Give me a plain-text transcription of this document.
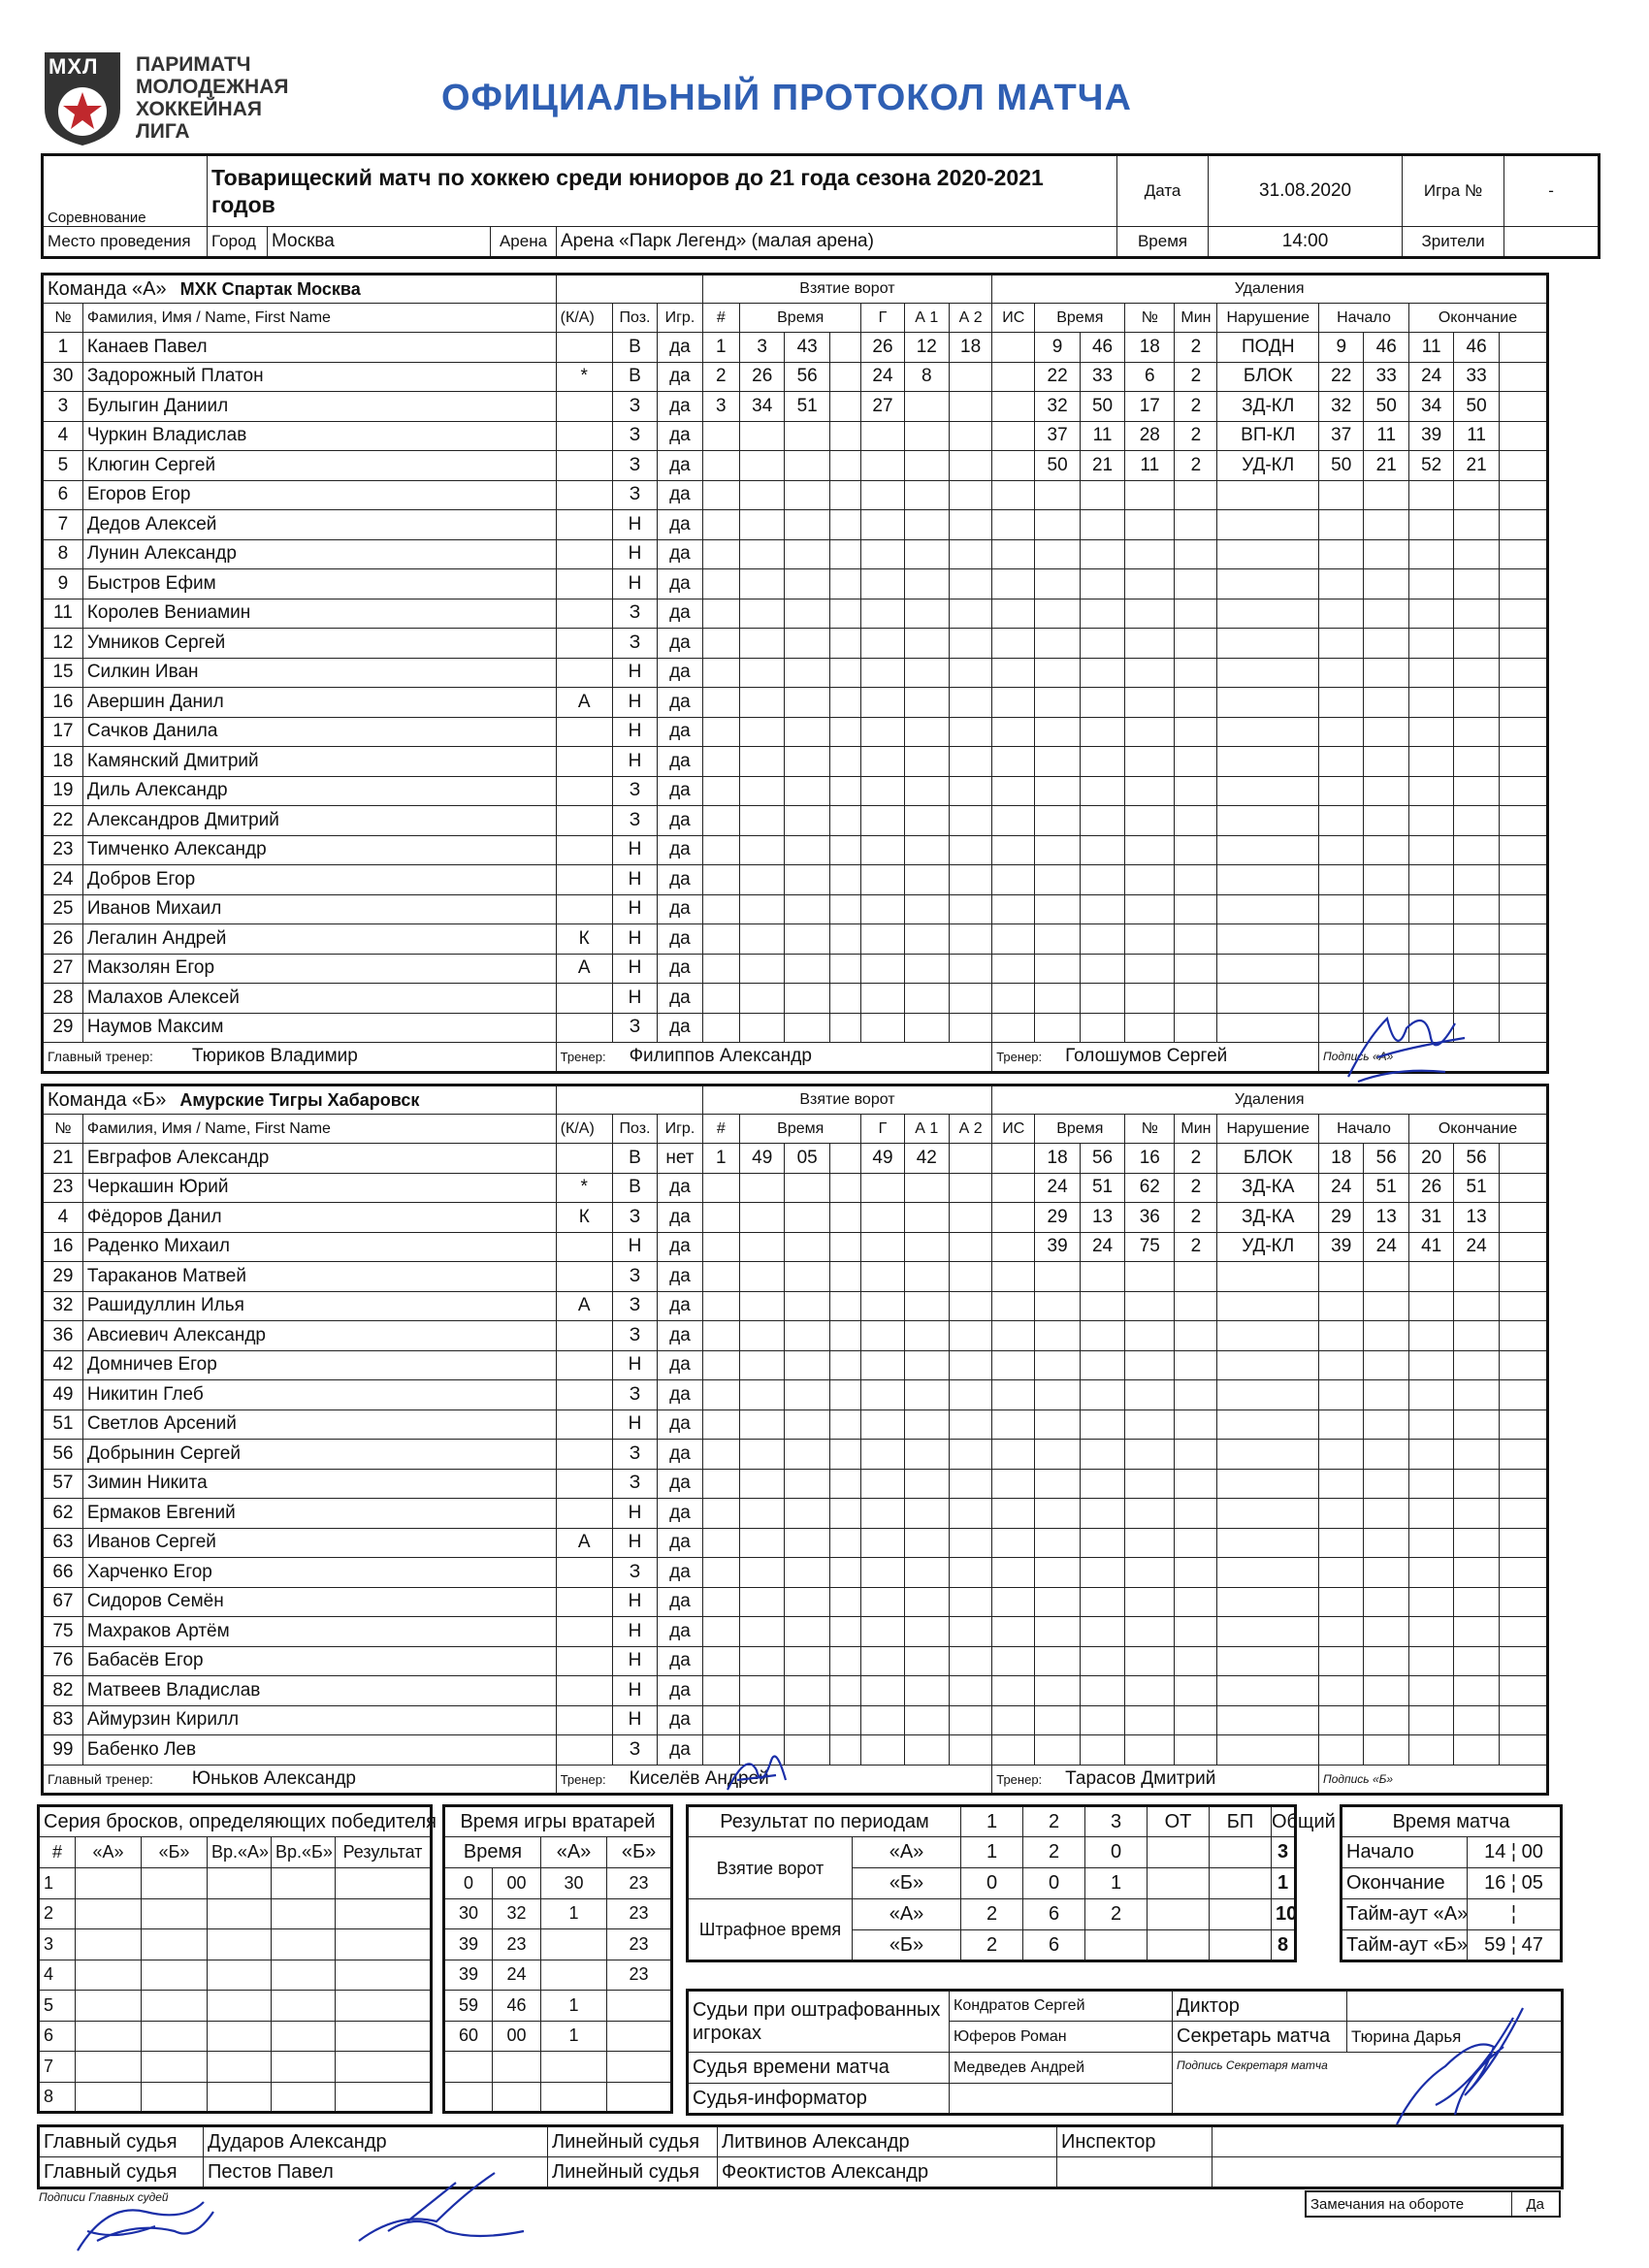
МХЛ ПАРИМАТЧ
МОЛОДЕЖНАЯ
ХОККЕЙНАЯ
ЛИГА
ОФИЦИАЛЬНЫЙ ПРОТОКОЛ МАТЧА
Соревнование	Товарищеский матч по хоккею среди юниоров до 21 года сезона 2020-2021 годов				Дата	31.08.2020	Игра №	-
Место проведения	Город	Москва	Арена	Арена «Парк Легенд» (малая арена)	Время	14:00	Зрители	
Команда «А» МХК Спартак Москва					Взятие ворот							Удаления										
№	Фамилия, Имя / Name, First Name	(К/А)	Поз.	Игр.	#	Время			Г	А 1	А 2	ИС	Время		№	Мин	Нарушение	Начало		Окончание		
1	Канаев Павел		В	да	1	3	43		26	12	18		9	46	18	2	ПОДН	9	46	11	46	
30	Задорожный Платон	*	В	да	2	26	56		24	8			22	33	6	2	БЛОК	22	33	24	33	
3	Булыгин Даниил		З	да	3	34	51		27				32	50	17	2	ЗД-КЛ	32	50	34	50	
4	Чуркин Владислав		З	да									37	11	28	2	ВП-КЛ	37	11	39	11	
5	Клюгин Сергей		З	да									50	21	11	2	УД-КЛ	50	21	52	21	
6	Егоров Егор		З	да																		
7	Дедов Алексей		Н	да																		
8	Лунин Александр		Н	да																		
9	Быстров Ефим		Н	да																		
11	Королев Вениамин		З	да																		
12	Умников Сергей		З	да																		
15	Силкин Иван		Н	да																		
16	Авершин Данил	А	Н	да																		
17	Сачков Данила		Н	да																		
18	Камянский Дмитрий		Н	да																		
19	Диль Александр		З	да																		
22	Александров Дмитрий		З	да																		
23	Тимченко Александр		Н	да																		
24	Добров Егор		Н	да																		
25	Иванов Михаил		Н	да																		
26	Легалин Андрей	К	Н	да																		
27	Макзолян Егор	А	Н	да																		
28	Малахов Алексей		Н	да																		
29	Наумов Максим		З	да																		
Главный тренер: Тюриков Владимир		Тренер: Филиппов Александр										Тренер: Голошумов Сергей						Подпись «А»				
Команда «Б» Амурские Тигры Хабаровск					Взятие ворот							Удаления										
№	Фамилия, Имя / Name, First Name	(К/А)	Поз.	Игр.	#	Время			Г	А 1	А 2	ИС	Время		№	Мин	Нарушение	Начало		Окончание		
21	Евграфов Александр		В	нет	1	49	05		49	42			18	56	16	2	БЛОК	18	56	20	56	
23	Черкашин Юрий	*	В	да									24	51	62	2	ЗД-КА	24	51	26	51	
4	Фёдоров Данил	К	З	да									29	13	36	2	ЗД-КА	29	13	31	13	
16	Раденко Михаил		Н	да									39	24	75	2	УД-КЛ	39	24	41	24	
29	Тараканов Матвей		З	да																		
32	Рашидуллин Илья	А	З	да																		
36	Авсиевич Александр		З	да																		
42	Домничев Егор		Н	да																		
49	Никитин Глеб		З	да																		
51	Светлов Арсений		Н	да																		
56	Добрынин Сергей		З	да																		
57	Зимин Никита		З	да																		
62	Ермаков Евгений		Н	да																		
63	Иванов Сергей	А	Н	да																		
66	Харченко Егор		З	да																		
67	Сидоров Семён		Н	да																		
75	Махраков Артём		Н	да																		
76	Бабасёв Егор		Н	да																		
82	Матвеев Владислав		Н	да																		
83	Аймурзин Кирилл		Н	да																		
99	Бабенко Лев		З	да																		
Главный тренер: Юньков Александр		Тренер: Киселёв Андрей										Тренер: Тарасов Дмитрий						Подпись «Б»				
Серия бросков, определяющих победителя					
#	«А»	«Б»	Вр.«А»	Вр.«Б»	Результат
1					
2					
3					
4					
5					
6					
7					
8					
Время игры вратарей			
Время		«А»	«Б»
0	00	30	23
30	32	1	23
39	23		23
39	24		23
59	46	1	
60	00	1	

Результат по периодам		1	2	3	ОТ	БП	Общий
Взятие ворот	«А»	1	2	0			3
	«Б»	0	0	1			1
Штрафное время	«А»	2	6	2			10
	«Б»	2	6				8
Время матча	
Начало	14 ¦ 00
Окончание	16 ¦ 05
Тайм-аут «А»	¦
Тайм-аут «Б»	59 ¦ 47
Судьи при оштрафованных игроках	Кондратов Сергей	Диктор	
	Юферов Роман	Секретарь матча	Тюрина Дарья
Судья времени матча	Медведев Андрей	Подпись Секретаря матча	
Судья-информатор			
Главный судья	Дударов Александр	Линейный судья	Литвинов Александр	Инспектор	
Главный судья	Пестов Павел	Линейный судья	Феоктистов Александр		
Подписи Главных судей	Замечания на обороте	Да
